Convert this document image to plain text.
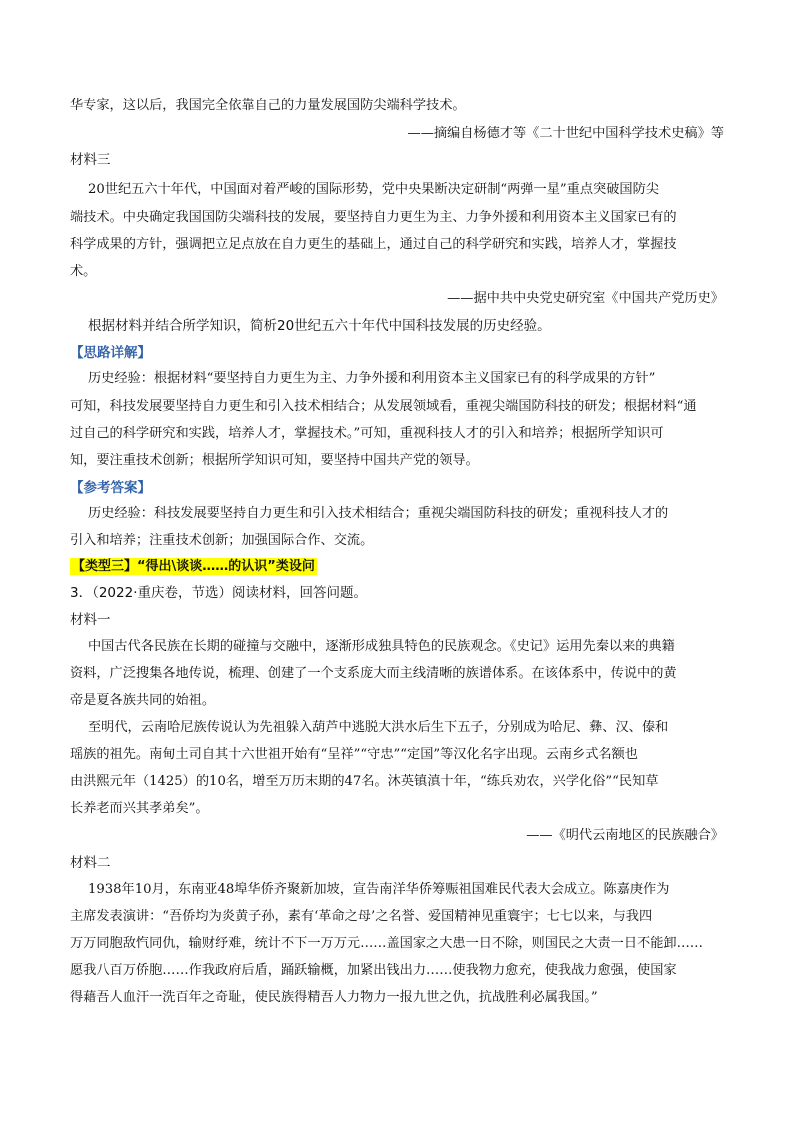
华专家，这以后，我国完全依靠自己的力量发展国防尖端科学技术。
——摘编自杨德才等《二十世纪中国科学技术史稿》等
材料三
20世纪五六十年代，中国面对着严峻的国际形势，党中央果断决定研制“两弹一星”重点突破国防尖
端技术。中央确定我国国防尖端科技的发展，要坚持自力更生为主、力争外援和利用资本主义国家已有的
科学成果的方针，强调把立足点放在自力更生的基础上，通过自己的科学研究和实践，培养人才，掌握技
术。
——据中共中央党史研究室《中国共产党历史》
根据材料并结合所学知识，简析20世纪五六十年代中国科技发展的历史经验。
【思路详解】
历史经验：根据材料“要坚持自力更生为主、力争外援和利用资本主义国家已有的科学成果的方针”
可知，科技发展要坚持自力更生和引入技术相结合；从发展领域看，重视尖端国防科技的研发；根据材料“通
过自己的科学研究和实践，培养人才，掌握技术。”可知，重视科技人才的引入和培养；根据所学知识可
知，要注重技术创新；根据所学知识可知，要坚持中国共产党的领导。
【参考答案】
历史经验：科技发展要坚持自力更生和引入技术相结合；重视尖端国防科技的研发；重视科技人才的
引入和培养；注重技术创新；加强国际合作、交流。
【类型三】“得出\谈谈……的认识”类设问
3．（2022·重庆卷，节选）阅读材料，回答问题。
材料一
中国古代各民族在长期的碰撞与交融中，逐渐形成独具特色的民族观念。《史记》运用先秦以来的典籍
资料，广泛搜集各地传说，梳理、创建了一个支系庞大而主线清晰的族谱体系。在该体系中，传说中的黄
帝是夏各族共同的始祖。
至明代，云南哈尼族传说认为先祖躲入葫芦中逃脱大洪水后生下五子，分别成为哈尼、彝、汉、傣和
瑶族的祖先。南甸土司自其十六世祖开始有“呈祥”“守忠”“定国”等汉化名字出现。云南乡式名额也
由洪熙元年（1425）的10名，增至万历末期的47名。沐英镇滇十年，“练兵劝农，兴学化俗”“民知草
长养老而兴其孝弟矣”。
——《明代云南地区的民族融合》
材料二
1938年10月，东南亚48埠华侨齐聚新加坡，宣告南洋华侨筹赈祖国难民代表大会成立。陈嘉庚作为
主席发表演讲：“吾侨均为炎黄子孙，素有‘革命之母’之名誉、爱国精神见重寰宇；七七以来，与我四
万万同胞敌忾同仇，输财纾难，统计不下一万万元……盖国家之大患一日不除，则国民之大责一日不能卸……
愿我八百万侨胞……作我政府后盾，踊跃输概，加紧出钱出力……使我物力愈充，使我战力愈强，使国家
得藉吾人血汗一洗百年之奇耻，使民族得精吾人力物力一报九世之仇，抗战胜利必属我国。”
